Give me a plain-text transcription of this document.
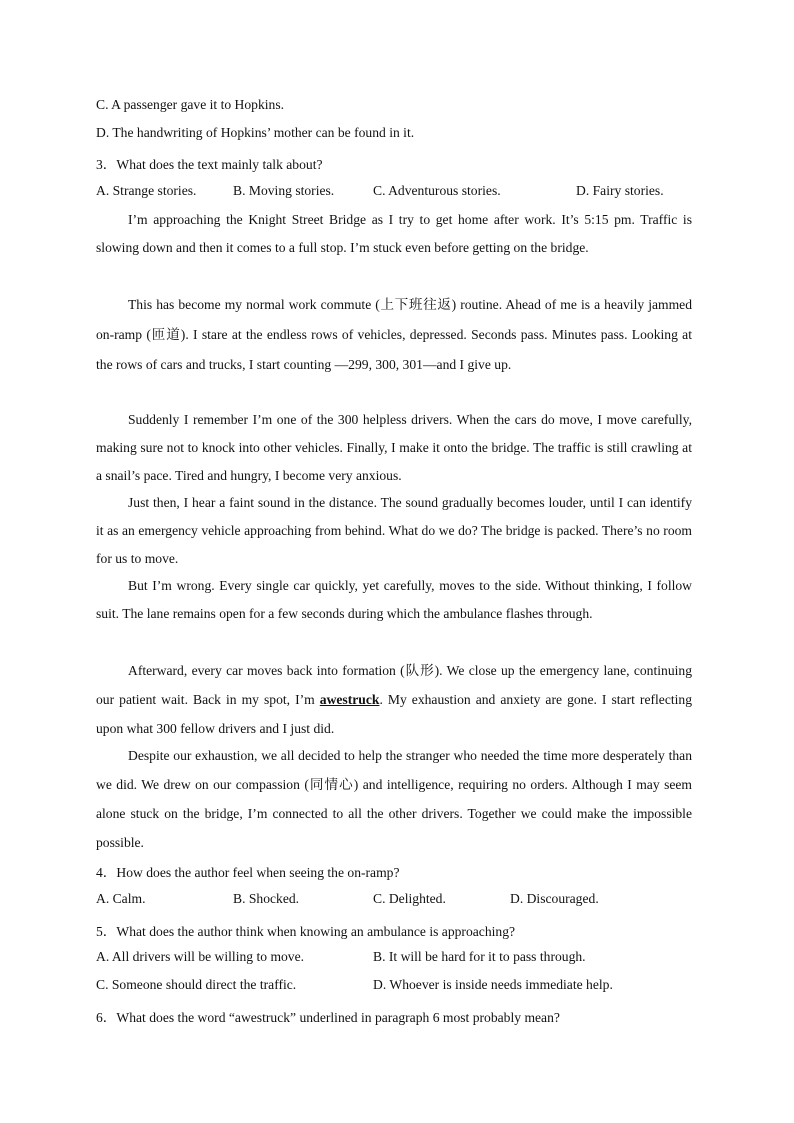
C. A passenger gave it to Hopkins.
D. The handwriting of Hopkins’ mother can be found in it.
3．What does the text mainly talk about?
A. Strange stories.	B. Moving stories.	C. Adventurous stories.	D. Fairy stories.
I’m approaching the Knight Street Bridge as I try to get home after work. It’s 5:15 pm. Traffic is slowing down and then it comes to a full stop. I’m stuck even before getting on the bridge.
This has become my normal work commute (上下班往返) routine. Ahead of me is a heavily jammed on-ramp (匝道). I stare at the endless rows of vehicles, depressed. Seconds pass. Minutes pass. Looking at the rows of cars and trucks, I start counting —299, 300, 301—and I give up.
Suddenly I remember I’m one of the 300 helpless drivers. When the cars do move, I move carefully, making sure not to knock into other vehicles. Finally, I make it onto the bridge. The traffic is still crawling at a snail’s pace. Tired and hungry, I become very anxious.
Just then, I hear a faint sound in the distance. The sound gradually becomes louder, until I can identify it as an emergency vehicle approaching from behind. What do we do? The bridge is packed. There’s no room for us to move.
But I’m wrong. Every single car quickly, yet carefully, moves to the side. Without thinking, I follow suit. The lane remains open for a few seconds during which the ambulance flashes through.
Afterward, every car moves back into formation (队形). We close up the emergency lane, continuing our patient wait. Back in my spot, I’m awestruck. My exhaustion and anxiety are gone. I start reflecting upon what 300 fellow drivers and I just did.
Despite our exhaustion, we all decided to help the stranger who needed the time more desperately than we did. We drew on our compassion (同情心) and intelligence, requiring no orders. Although I may seem alone stuck on the bridge, I’m connected to all the other drivers. Together we could make the impossible possible.
4．How does the author feel when seeing the on-ramp?
A. Calm.	B. Shocked.	C. Delighted.	D. Discouraged.
5．What does the author think when knowing an ambulance is approaching?
A. All drivers will be willing to move.	B. It will be hard for it to pass through.
C. Someone should direct the traffic.	D. Whoever is inside needs immediate help.
6．What does the word “awestruck” underlined in paragraph 6 most probably mean?
